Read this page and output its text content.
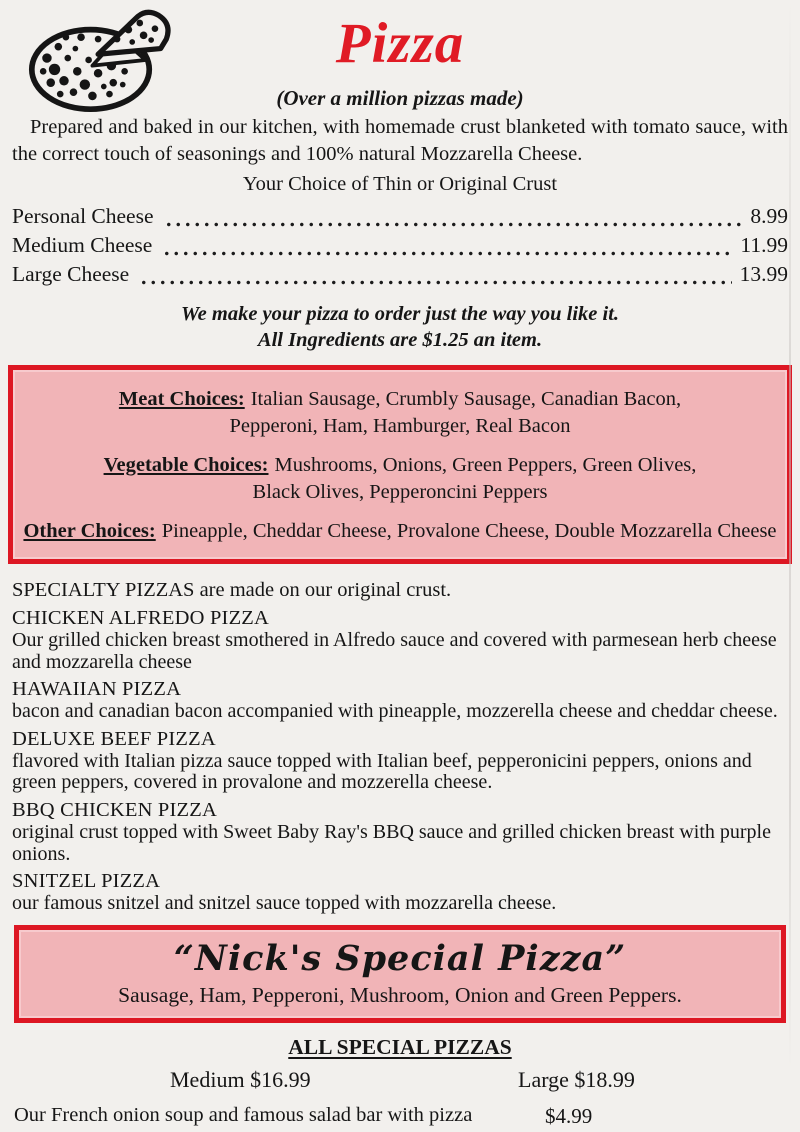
Pizza
(Over a million pizzas made)

Prepared and baked in our kitchen, with homemade crust blanketed with tomato sauce, with the correct touch of seasonings and 100% natural Mozzarella Cheese.

Your Choice of Thin or Original Crust
Personal Cheese	8.99
Medium Cheese	11.99
Large Cheese	13.99
We make your pizza to order just the way you like it.
All Ingredients are $1.25 an item.

Meat Choices: Italian Sausage, Crumbly Sausage, Canadian Bacon,
Pepperoni, Ham, Hamburger, Real Bacon

Vegetable Choices: Mushrooms, Onions, Green Peppers, Green Olives,
Black Olives, Pepperoncini Peppers

Other Choices: Pineapple, Cheddar Cheese, Provalone Cheese, Double Mozzarella Cheese

SPECIALTY PIZZAS are made on our original crust.
CHICKEN ALFREDO PIZZA
Our grilled chicken breast smothered in Alfredo sauce and covered with parmesean herb cheese and mozzarella cheese
HAWAIIAN PIZZA
bacon and canadian bacon accompanied with pineapple, mozzerella cheese and cheddar cheese.
DELUXE BEEF PIZZA
flavored with Italian pizza sauce topped with Italian beef, pepperonicini peppers, onions and green peppers, covered in provalone and mozzerella cheese.
BBQ CHICKEN PIZZA
original crust topped with Sweet Baby Ray's BBQ sauce and grilled chicken breast with purple onions.
SNITZEL PIZZA
our famous snitzel and snitzel sauce topped with mozzarella cheese.
“Nick's Special Pizza”
Sausage, Ham, Pepperoni, Mushroom, Onion and Green Peppers.
ALL SPECIAL PIZZAS
Medium $16.99	Large $18.99
Our French onion soup and famous salad bar with pizza	$4.99
